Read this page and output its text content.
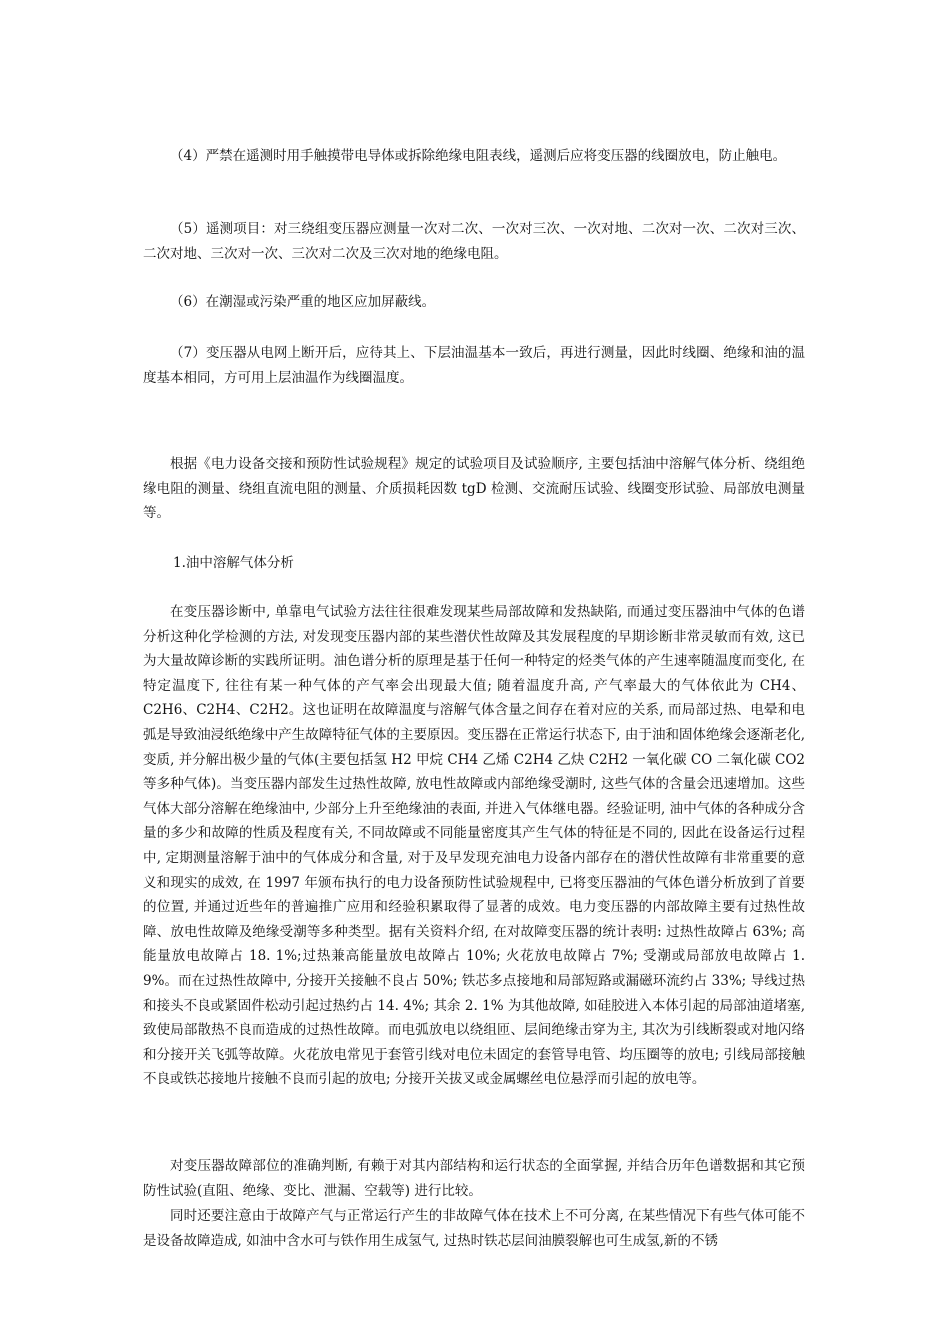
（4）严禁在遥测时用手触摸带电导体或拆除绝缘电阻表线，遥测后应将变压器的线圈放电，防止触电。

（5）遥测项目：对三绕组变压器应测量一次对二次、一次对三次、一次对地、二次对一次、二次对三次、二次对地、三次对一次、三次对二次及三次对地的绝缘电阻。

（6）在潮湿或污染严重的地区应加屏蔽线。

（7）变压器从电网上断开后，应待其上、下层油温基本一致后，再进行测量，因此时线圈、绝缘和油的温度基本相同，方可用上层油温作为线圈温度。

根据《电力设备交接和预防性试验规程》规定的试验项目及试验顺序, 主要包括油中溶解气体分析、绕组绝缘电阻的测量、绕组直流电阻的测量、介质损耗因数 tgD 检测、交流耐压试验、线圈变形试验、局部放电测量等。

1.油中溶解气体分析

在变压器诊断中, 单靠电气试验方法往往很难发现某些局部故障和发热缺陷, 而通过变压器油中气体的色谱分析这种化学检测的方法, 对发现变压器内部的某些潜伏性故障及其发展程度的早期诊断非常灵敏而有效, 这已为大量故障诊断的实践所证明。油色谱分析的原理是基于任何一种特定的烃类气体的产生速率随温度而变化, 在特定温度下, 往往有某一种气体的产气率会出现最大值; 随着温度升高, 产气率最大的气体依此为 CH4、C2H6、C2H4、C2H2。这也证明在故障温度与溶解气体含量之间存在着对应的关系, 而局部过热、电晕和电弧是导致油浸纸绝缘中产生故障特征气体的主要原因。变压器在正常运行状态下, 由于油和固体绝缘会逐渐老化,变质, 并分解出极少量的气体(主要包括氢 H2 甲烷 CH4 乙烯 C2H4 乙炔 C2H2 一氧化碳 CO 二氧化碳 CO2 等多种气体)。当变压器内部发生过热性故障, 放电性故障或内部绝缘受潮时, 这些气体的含量会迅速增加。这些气体大部分溶解在绝缘油中, 少部分上升至绝缘油的表面, 并进入气体继电器。经验证明, 油中气体的各种成分含量的多少和故障的性质及程度有关, 不同故障或不同能量密度其产生气体的特征是不同的, 因此在设备运行过程中, 定期测量溶解于油中的气体成分和含量, 对于及早发现充油电力设备内部存在的潜伏性故障有非常重要的意义和现实的成效, 在 1997 年颁布执行的电力设备预防性试验规程中, 已将变压器油的气体色谱分析放到了首要的位置, 并通过近些年的普遍推广应用和经验积累取得了显著的成效。电力变压器的内部故障主要有过热性故障、放电性故障及绝缘受潮等多种类型。据有关资料介绍, 在对故障变压器的统计表明: 过热性故障占 63%; 高能量放电故障占 18. 1%;过热兼高能量放电故障占 10%; 火花放电故障占 7%; 受潮或局部放电故障占 1. 9%。而在过热性故障中, 分接开关接触不良占 50%; 铁芯多点接地和局部短路或漏磁环流约占 33%; 导线过热和接头不良或紧固件松动引起过热约占 14. 4%; 其余 2. 1% 为其他故障, 如硅胶进入本体引起的局部油道堵塞, 致使局部散热不良而造成的过热性故障。而电弧放电以绕组匝、层间绝缘击穿为主, 其次为引线断裂或对地闪络和分接开关飞弧等故障。火花放电常见于套管引线对电位未固定的套管导电管、均压圈等的放电; 引线局部接触不良或铁芯接地片接触不良而引起的放电; 分接开关拔叉或金属螺丝电位悬浮而引起的放电等。

对变压器故障部位的准确判断, 有赖于对其内部结构和运行状态的全面掌握, 并结合历年色谱数据和其它预防性试验(直阻、绝缘、变比、泄漏、空载等) 进行比较。

同时还要注意由于故障产气与正常运行产生的非故障气体在技术上不可分离, 在某些情况下有些气体可能不是设备故障造成, 如油中含水可与铁作用生成氢气, 过热时铁芯层间油膜裂解也可生成氢,新的不锈
